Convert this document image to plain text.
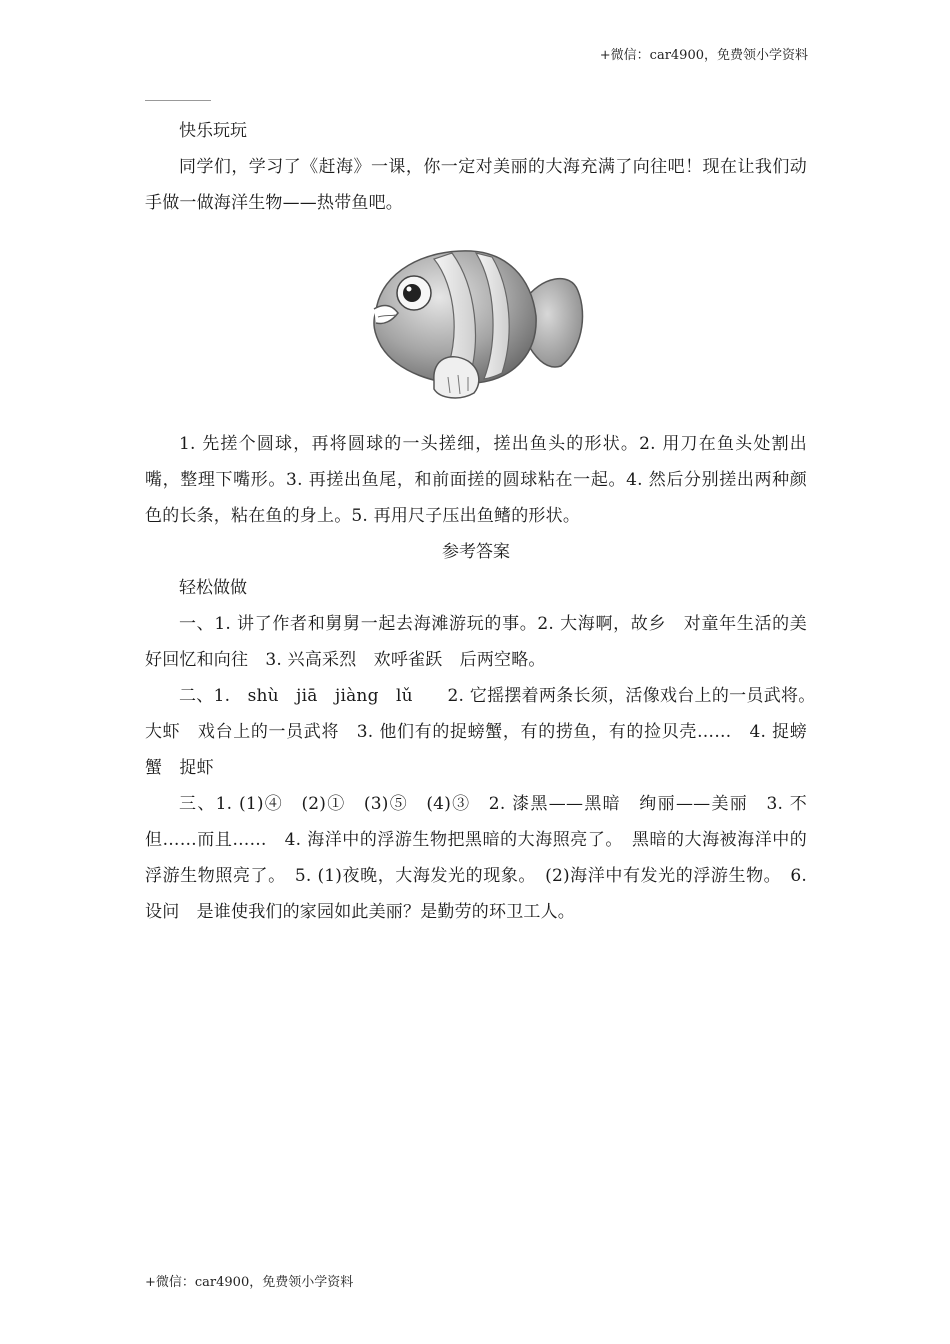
+微信：car4900，免费领小学资料

快乐玩玩

同学们，学习了《赶海》一课，你一定对美丽的大海充满了向往吧！现在让我们动手做一做海洋生物——热带鱼吧。

1. 先搓个圆球，再将圆球的一头搓细，搓出鱼头的形状。2. 用刀在鱼头处割出嘴，整理下嘴形。3. 再搓出鱼尾，和前面搓的圆球粘在一起。4. 然后分别搓出两种颜色的长条，粘在鱼的身上。5. 再用尺子压出鱼鳍的形状。

参考答案

轻松做做

一、1. 讲了作者和舅舅一起去海滩游玩的事。2. 大海啊，故乡　对童年生活的美好回忆和向往　3. 兴高采烈　欢呼雀跃　后两空略。

二、1.　shù　jiā　jiàng　lǔ　　2. 它摇摆着两条长须，活像戏台上的一员武将。　大虾　戏台上的一员武将　3. 他们有的捉螃蟹，有的捞鱼，有的捡贝壳……　4. 捉螃蟹　捉虾

三、1. (1)④　(2)①　(3)⑤　(4)③　2. 漆黑——黑暗　绚丽——美丽　3. 不但……而且……　4. 海洋中的浮游生物把黑暗的大海照亮了。　黑暗的大海被海洋中的浮游生物照亮了。　5. (1)夜晚，大海发光的现象。　(2)海洋中有发光的浮游生物。　6. 设问　是谁使我们的家园如此美丽？是勤劳的环卫工人。

+微信：car4900，免费领小学资料
